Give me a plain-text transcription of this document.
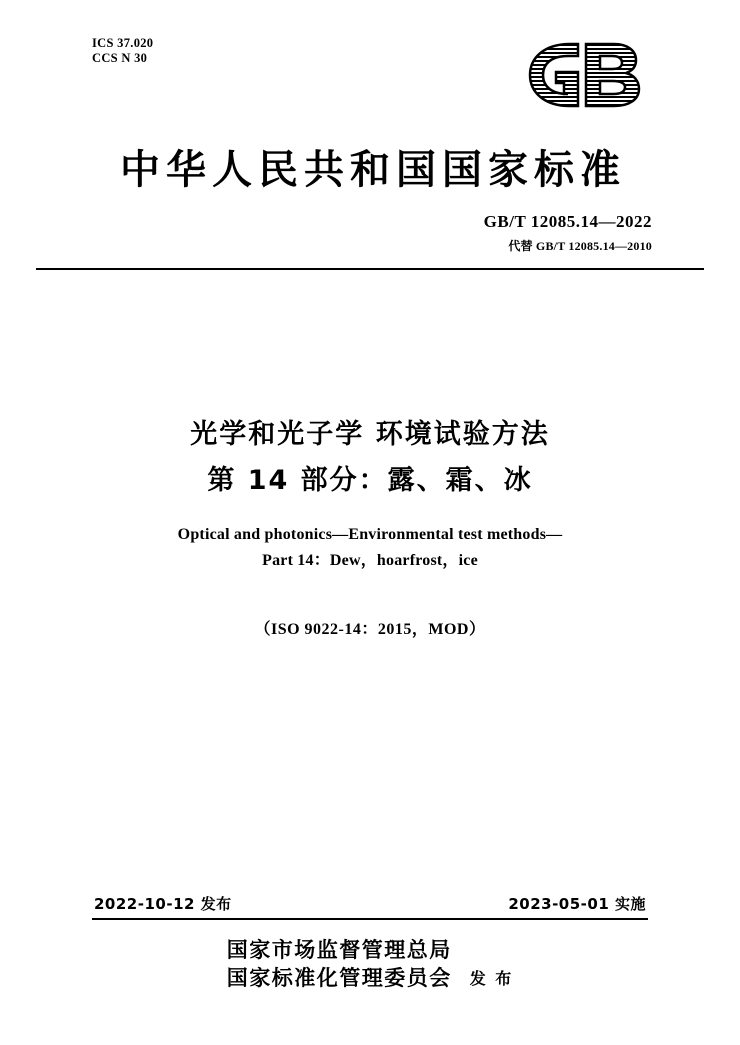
ICS 37.020
CCS N 30
中华人民共和国国家标准
GB/T 12085.14—2022
代替 GB/T 12085.14—2010
光学和光子学 环境试验方法
第 14 部分：露、霜、冰
Optical and photonics—Environmental test methods—
Part 14：Dew，hoarfrost，ice
（ISO 9022-14：2015，MOD）
2022-10-12 发布	2023-05-01 实施
国家市场监督管理总局
国家标准化管理委员会 发 布
